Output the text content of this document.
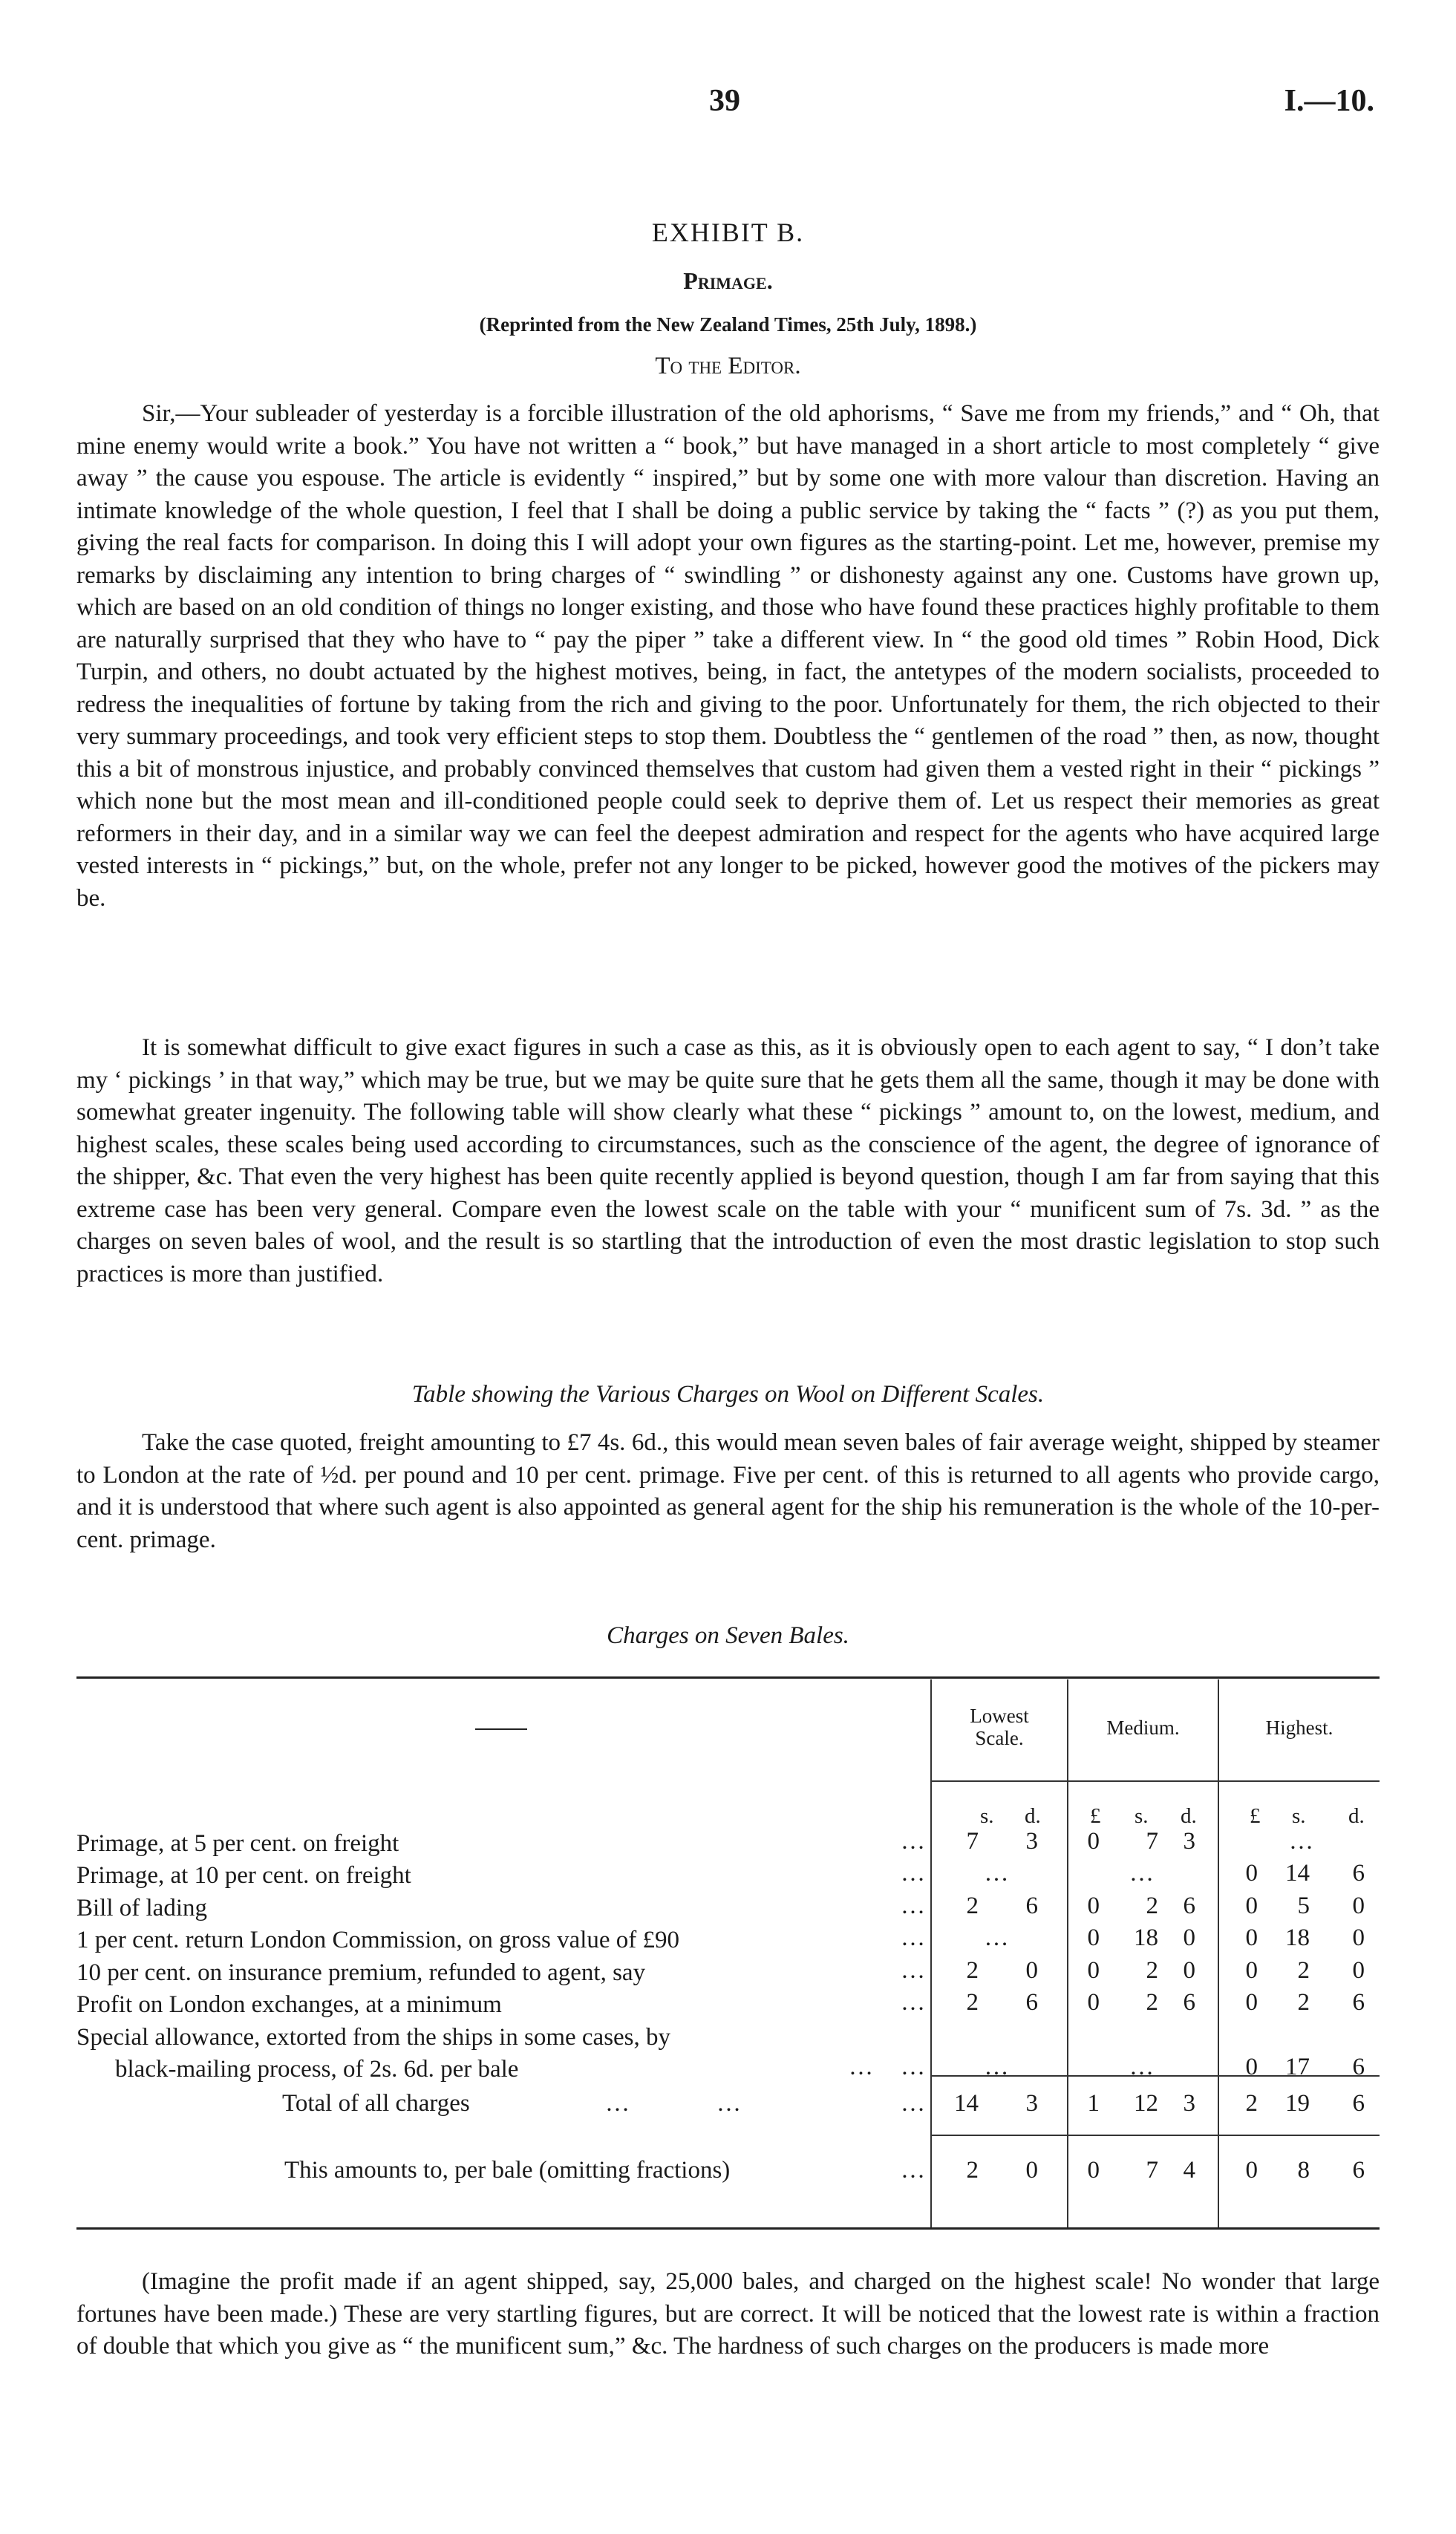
39	I.—10.
EXHIBIT B.
Primage.
(Reprinted from the New Zealand Times, 25th July, 1898.)
To the Editor.

Sir,—Your subleader of yesterday is a forcible illustration of the old aphorisms, “ Save me from my friends,” and “ Oh, that mine enemy would write a book.” You have not written a “ book,” but have managed in a short article to most completely “ give away ” the cause you espouse. The article is evidently “ inspired,” but by some one with more valour than discretion. Having an intimate knowledge of the whole question, I feel that I shall be doing a public service by taking the “ facts ” (?) as you put them, giving the real facts for comparison. In doing this I will adopt your own figures as the starting-point. Let me, however, premise my remarks by disclaiming any intention to bring charges of “ swindling ” or dishonesty against any one. Customs have grown up, which are based on an old condition of things no longer existing, and those who have found these practices highly profitable to them are naturally surprised that they who have to “ pay the piper ” take a different view. In “ the good old times ” Robin Hood, Dick Turpin, and others, no doubt actuated by the highest motives, being, in fact, the antetypes of the modern socialists, proceeded to redress the inequalities of fortune by taking from the rich and giving to the poor. Unfortunately for them, the rich objected to their very summary proceedings, and took very efficient steps to stop them. Doubtless the “ gentlemen of the road ” then, as now, thought this a bit of monstrous injustice, and probably convinced themselves that custom had given them a vested right in their “ pickings ” which none but the most mean and ill-conditioned people could seek to deprive them of. Let us respect their memories as great reformers in their day, and in a similar way we can feel the deepest admiration and respect for the agents who have acquired large vested interests in “ pickings,” but, on the whole, prefer not any longer to be picked, however good the motives of the pickers may be.

It is somewhat difficult to give exact figures in such a case as this, as it is obviously open to each agent to say, “ I don’t take my ‘ pickings ’ in that way,” which may be true, but we may be quite sure that he gets them all the same, though it may be done with somewhat greater ingenuity. The following table will show clearly what these “ pickings ” amount to, on the lowest, medium, and highest scales, these scales being used according to circumstances, such as the conscience of the agent, the degree of ignorance of the shipper, &c. That even the very highest has been quite recently applied is beyond question, though I am far from saying that this extreme case has been very general. Compare even the lowest scale on the table with your “ munificent sum of 7s. 3d. ” as the charges on seven bales of wool, and the result is so startling that the introduction of even the most drastic legislation to stop such practices is more than justified.

Table showing the Various Charges on Wool on Different Scales.

Take the case quoted, freight amounting to £7 4s. 6d., this would mean seven bales of fair average weight, shipped by steamer to London at the rate of ½d. per pound and 10 per cent. primage. Five per cent. of this is returned to all agents who provide cargo, and it is understood that where such agent is also appointed as general agent for the ship his remuneration is the whole of the 10-per-cent. primage.

Charges on Seven Bales.
Lowest
Scale.	Medium.	Highest.
s. d. £ s. d. £ s. d.
Primage, at 5 per cent. on freight	…	7	3	0	7	3	…
Primage, at 10 per cent. on freight	…	…	…	0	14	6
Bill of lading	…	2	6	0	2	6	0	5	0
1 per cent. return London Commission, on gross value of £90	…	…	0	18	0	0	18	0
10 per cent. on insurance premium, refunded to agent, say	…	2	0	0	2	0	0	2	0
Profit on London exchanges, at a minimum	…	2	6	0	2	6	0	2	6
Special allowance, extorted from the ships in some cases, by
black-mailing process, of 2s. 6d. per bale	… …	…	…	0	17	6
Total of all charges	14	3	1	12	3	2	19	6
This amounts to, per bale (omitting fractions)	2	0	0	7	4	0	8	6
…	…	…
…

(Imagine the profit made if an agent shipped, say, 25,000 bales, and charged on the highest scale! No wonder that large fortunes have been made.) These are very startling figures, but are correct. It will be noticed that the lowest rate is within a fraction of double that which you give as “ the munificent sum,” &c. The hardness of such charges on the producers is made more
